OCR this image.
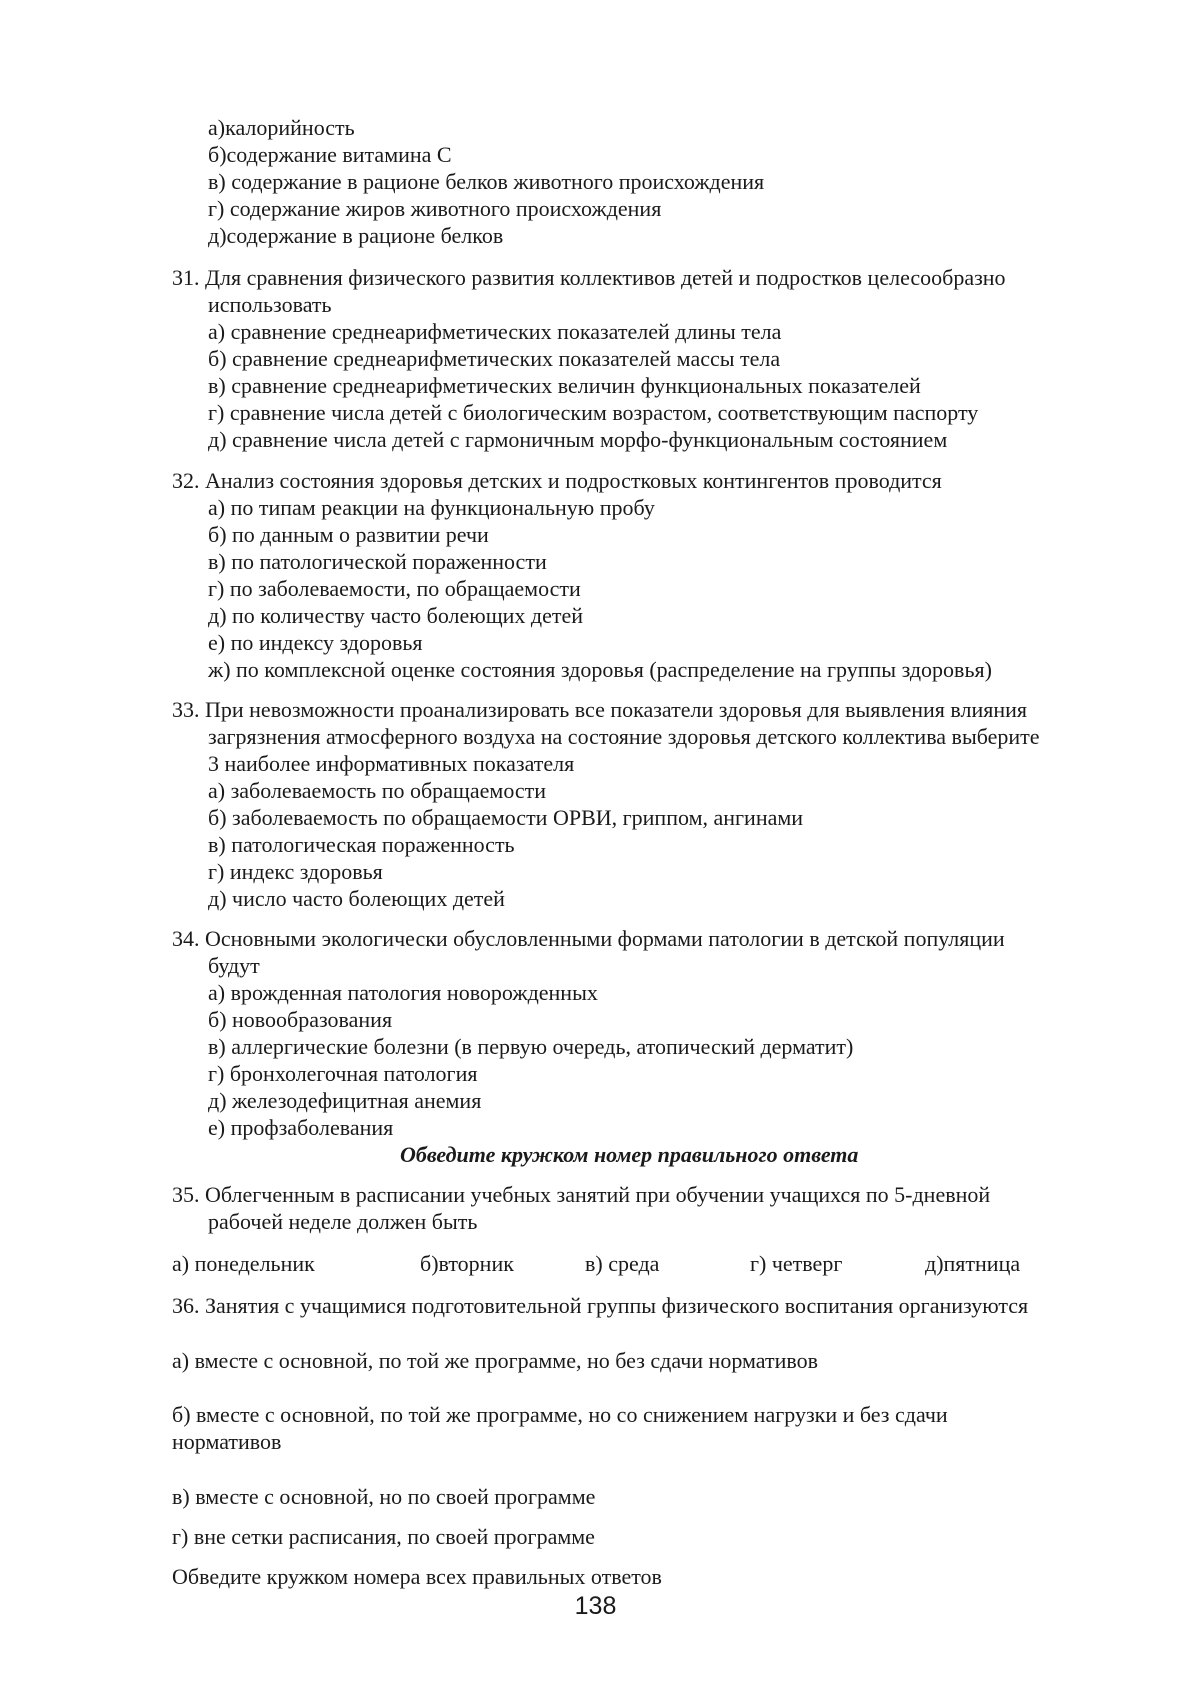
а)калорийность
б)содержание витамина С
в) содержание в рационе белков животного происхождения
г) содержание жиров животного происхождения
д)содержание в рационе белков
31. Для сравнения физического развития коллективов детей и подростков целесообразно
использовать
а) сравнение среднеарифметических показателей длины тела
б) сравнение среднеарифметических показателей массы тела
в) сравнение среднеарифметических величин функциональных показателей
г) сравнение числа детей с биологическим возрастом, соответствующим паспорту
д) сравнение числа детей с гармоничным морфо-функциональным состоянием
32. Анализ состояния здоровья детских и подростковых контингентов проводится
а) по типам реакции на функциональную пробу
б) по данным о развитии речи
в) по патологической пораженности
г) по заболеваемости, по обращаемости
д) по количеству часто болеющих детей
е) по индексу здоровья
ж) по комплексной оценке состояния здоровья (распределение на группы здоровья)
33. При невозможности проанализировать все показатели здоровья для выявления влияния
загрязнения атмосферного воздуха на состояние здоровья детского коллектива выберите
3 наиболее информативных показателя
а) заболеваемость по обращаемости
б) заболеваемость по обращаемости ОРВИ, гриппом, ангинами
в) патологическая пораженность
г) индекс здоровья
д) число часто болеющих детей
34. Основными экологически обусловленными формами патологии в детской популяции
будут
а) врожденная патология новорожденных
б) новообразования
в) аллергические болезни (в первую очередь, атопический дерматит)
г) бронхолегочная патология
д) железодефицитная анемия
е) профзаболевания
Обведите кружком номер правильного ответа
35. Облегченным в расписании учебных занятий при обучении учащихся по 5-дневной
рабочей неделе должен быть
а) понедельник	б)вторник	в) среда	г) четверг	д)пятница
36. Занятия с учащимися подготовительной группы физического воспитания организуются
а) вместе с основной, по той же программе, но без сдачи нормативов
б) вместе с основной, по той же программе, но со снижением нагрузки и без сдачи
нормативов
в) вместе с основной, но по своей программе
г) вне сетки расписания, по своей программе
Обведите кружком номера всех правильных ответов
138
